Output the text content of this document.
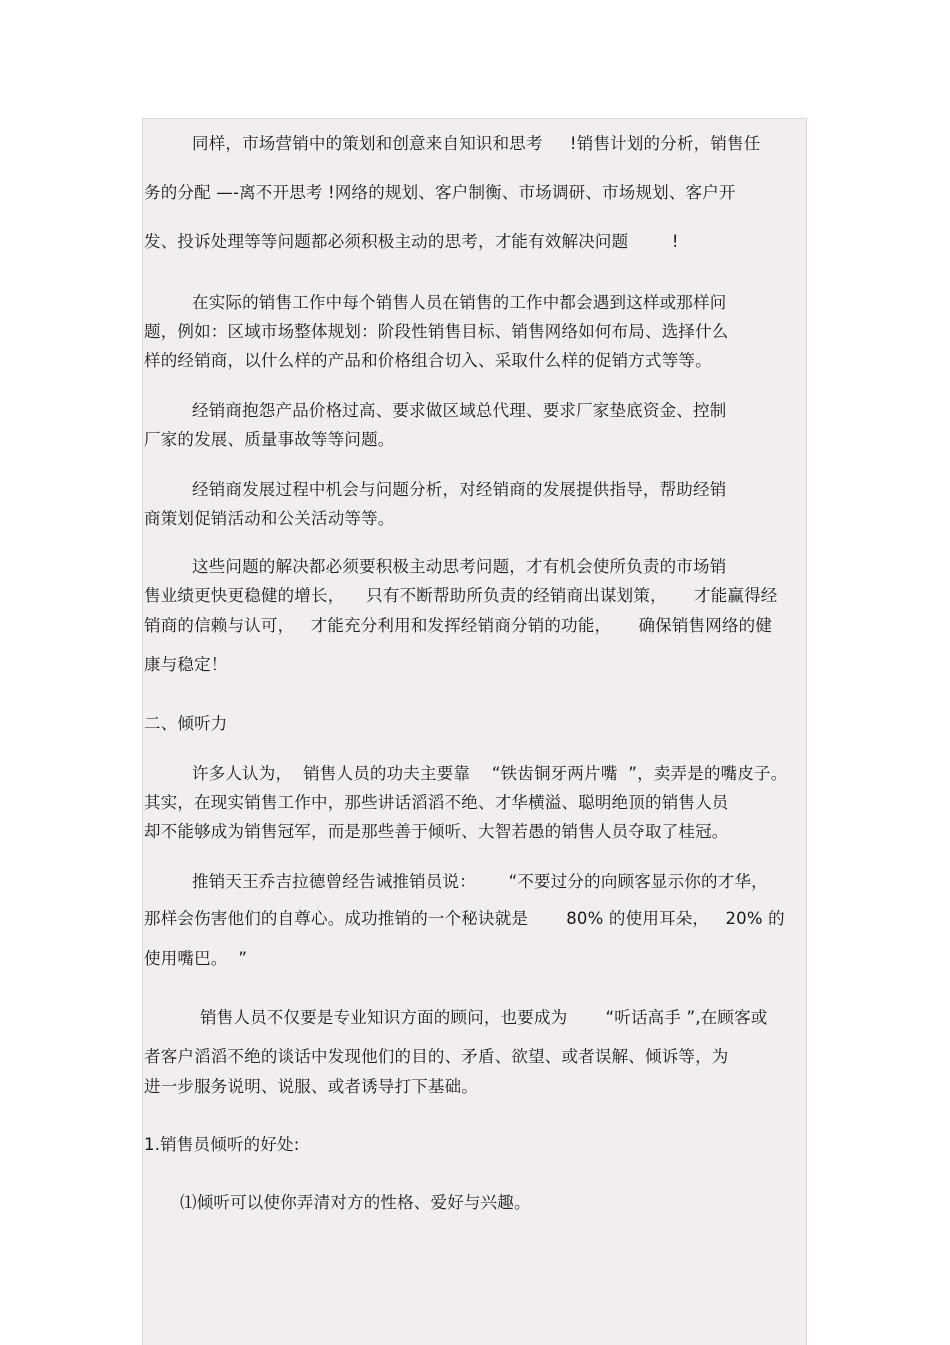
同样，市场营销中的策划和创意来自知识和思考     !销售计划的分析，销售任
务的分配 —-离不开思考 !网络的规划、客户制衡、市场调研、市场规划、客户开
发、投诉处理等等问题都必须积极主动的思考，才能有效解决问题        !
在实际的销售工作中每个销售人员在销售的工作中都会遇到这样或那样问
题，例如：区域市场整体规划：阶段性销售目标、销售网络如何布局、选择什么
样的经销商，以什么样的产品和价格组合切入、采取什么样的促销方式等等。
经销商抱怨产品价格过高、要求做区域总代理、要求厂家垫底资金、控制
厂家的发展、质量事故等等问题。
经销商发展过程中机会与问题分析，对经销商的发展提供指导，帮助经销
商策划促销活动和公关活动等等。
这些问题的解决都必须要积极主动思考问题，才有机会使所负责的市场销
售业绩更快更稳健的增长，    只有不断帮助所负责的经销商出谋划策，     才能赢得经
销商的信赖与认可，   才能充分利用和发挥经销商分销的功能，     确保销售网络的健
康与稳定！
二、倾听力
许多人认为，  销售人员的功夫主要靠    “铁齿铜牙两片嘴  ”，卖弄是的嘴皮子。
其实，在现实销售工作中，那些讲话滔滔不绝、才华横溢、聪明绝顶的销售人员
却不能够成为销售冠军，而是那些善于倾听、大智若愚的销售人员夺取了桂冠。
推销天王乔吉拉德曾经告诫推销员说：      “不要过分的向顾客显示你的才华，
那样会伤害他们的自尊心。成功推销的一个秘诀就是       80% 的使用耳朵，   20% 的
使用嘴巴。  ”
销售人员不仅要是专业知识方面的顾问，也要成为       “听话高手 ”,在顾客或
者客户滔滔不绝的谈话中发现他们的目的、矛盾、欲望、或者误解、倾诉等，为
进一步服务说明、说服、或者诱导打下基础。
1.销售员倾听的好处:
⑴倾听可以使你弄清对方的性格、爱好与兴趣。
